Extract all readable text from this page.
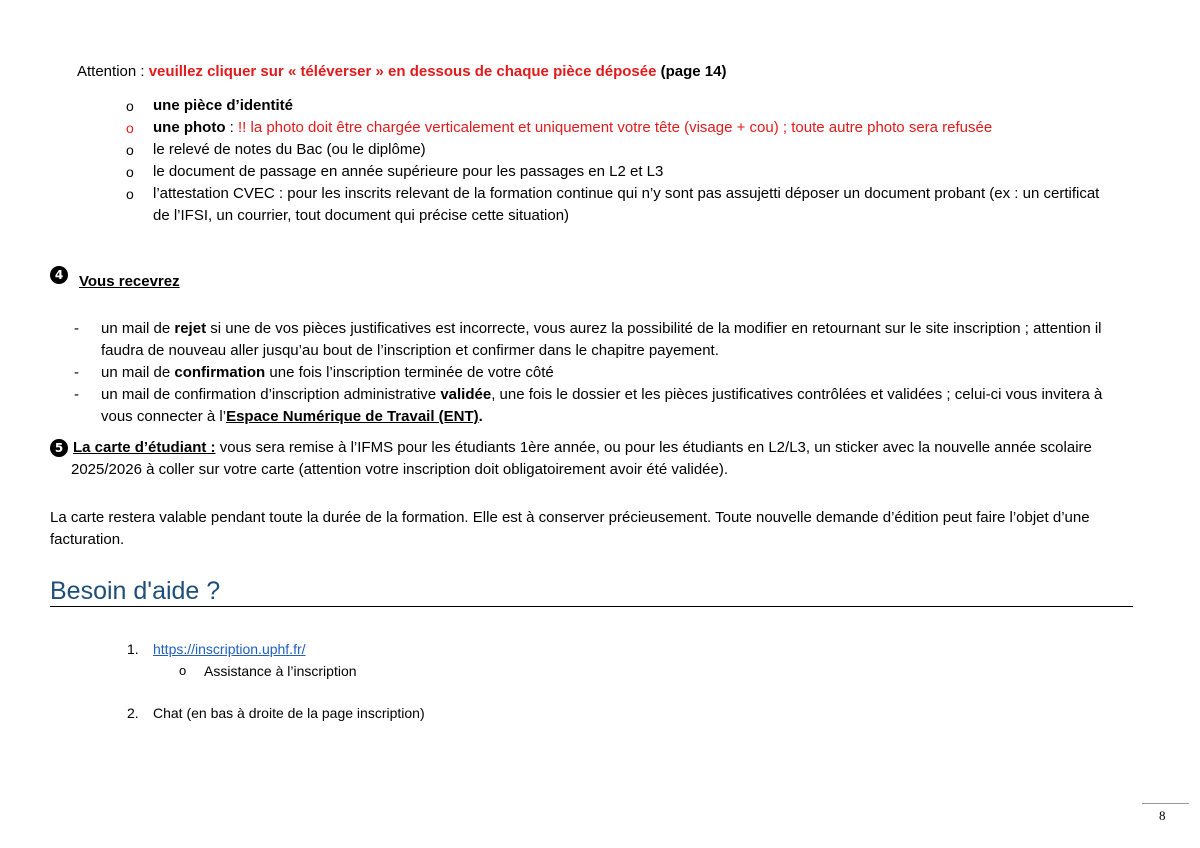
Attention : veuillez cliquer sur « téléverser » en dessous de chaque pièce déposée (page 14)
o	une pièce d’identité
o	une photo : !! la photo doit être chargée verticalement et uniquement votre tête (visage + cou) ; toute autre photo sera refusée
o	le relevé de notes du Bac (ou le diplôme)
o	le document de passage en année supérieure pour les passages en L2 et L3
o	l’attestation CVEC : pour les inscrits relevant de la formation continue qui n’y sont pas assujetti déposer un document probant (ex : un certificat de l’IFSI, un courrier, tout document qui précise cette situation)
4	Vous recevrez
- un mail de rejet si une de vos pièces justificatives est incorrecte, vous aurez la possibilité de la modifier en retournant sur le site inscription ; attention il faudra de nouveau aller jusqu’au bout de l’inscription et confirmer dans le chapitre payement.
- un mail de confirmation une fois l’inscription terminée de votre côté
- un mail de confirmation d’inscription administrative validée, une fois le dossier et les pièces justificatives contrôlées et validées ; celui-ci vous invitera à vous connecter à l’Espace Numérique de Travail (ENT).
5 La carte d’étudiant : vous sera remise à l’IFMS pour les étudiants 1ère année, ou pour les étudiants en L2/L3, un sticker avec la nouvelle année scolaire
2025/2026 à coller sur votre carte (attention votre inscription doit obligatoirement avoir été validée).
La carte restera valable pendant toute la durée de la formation. Elle est à conserver précieusement. Toute nouvelle demande d’édition peut faire l’objet d’une facturation.
Besoin d'aide ?
1. https://inscription.uphf.fr/
o	Assistance à l’inscription
2. Chat (en bas à droite de la page inscription)
8
